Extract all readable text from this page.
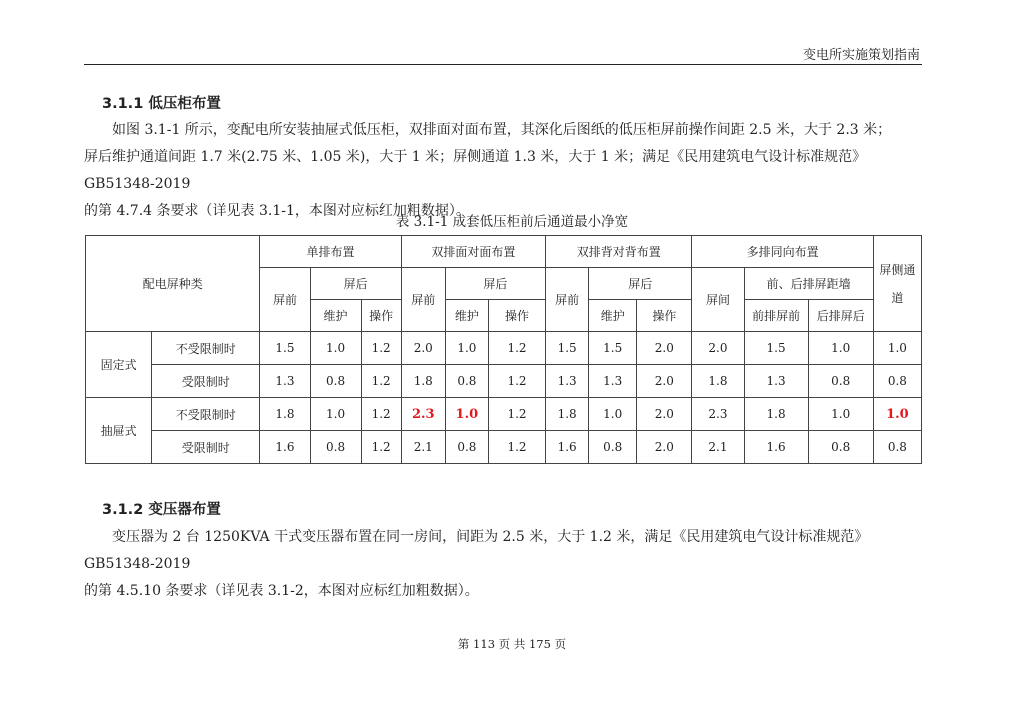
变电所实施策划指南
3.1.1 低压柜布置
　　如图 3.1-1 所示，变配电所安装抽屉式低压柜，双排面对面布置，其深化后图纸的低压柜屏前操作间距 2.5 米，大于 2.3 米；
屏后维护通道间距 1.7 米(2.75 米、1.05 米)，大于 1 米；屏侧通道 1.3 米，大于 1 米；满足《民用建筑电气设计标准规范》GB51348-2019
的第 4.7.4 条要求（详见表 3.1-1，本图对应标红加粗数据）。
表 3.1-1 成套低压柜前后通道最小净宽
配电屏种类		单排布置			双排面对面布置			双排背对背布置			多排同向布置			屏侧通道
		屏前	屏后		屏前	屏后		屏前	屏后		屏间	前、后排屏距墙		
			维护	操作		维护	操作		维护	操作		前排屏前	后排屏后	
固定式	不受限制时	1.5	1.0	1.2	2.0	1.0	1.2	1.5	1.5	2.0	2.0	1.5	1.0	1.0
	受限制时	1.3	0.8	1.2	1.8	0.8	1.2	1.3	1.3	2.0	1.8	1.3	0.8	0.8
抽屉式	不受限制时	1.8	1.0	1.2	2.3	1.0	1.2	1.8	1.0	2.0	2.3	1.8	1.0	1.0
	受限制时	1.6	0.8	1.2	2.1	0.8	1.2	1.6	0.8	2.0	2.1	1.6	0.8	0.8
3.1.2 变压器布置
　　变压器为 2 台 1250KVA 干式变压器布置在同一房间，间距为 2.5 米，大于 1.2 米，满足《民用建筑电气设计标准规范》GB51348-2019
的第 4.5.10 条要求（详见表 3.1-2，本图对应标红加粗数据）。
第 113 页 共 175 页
